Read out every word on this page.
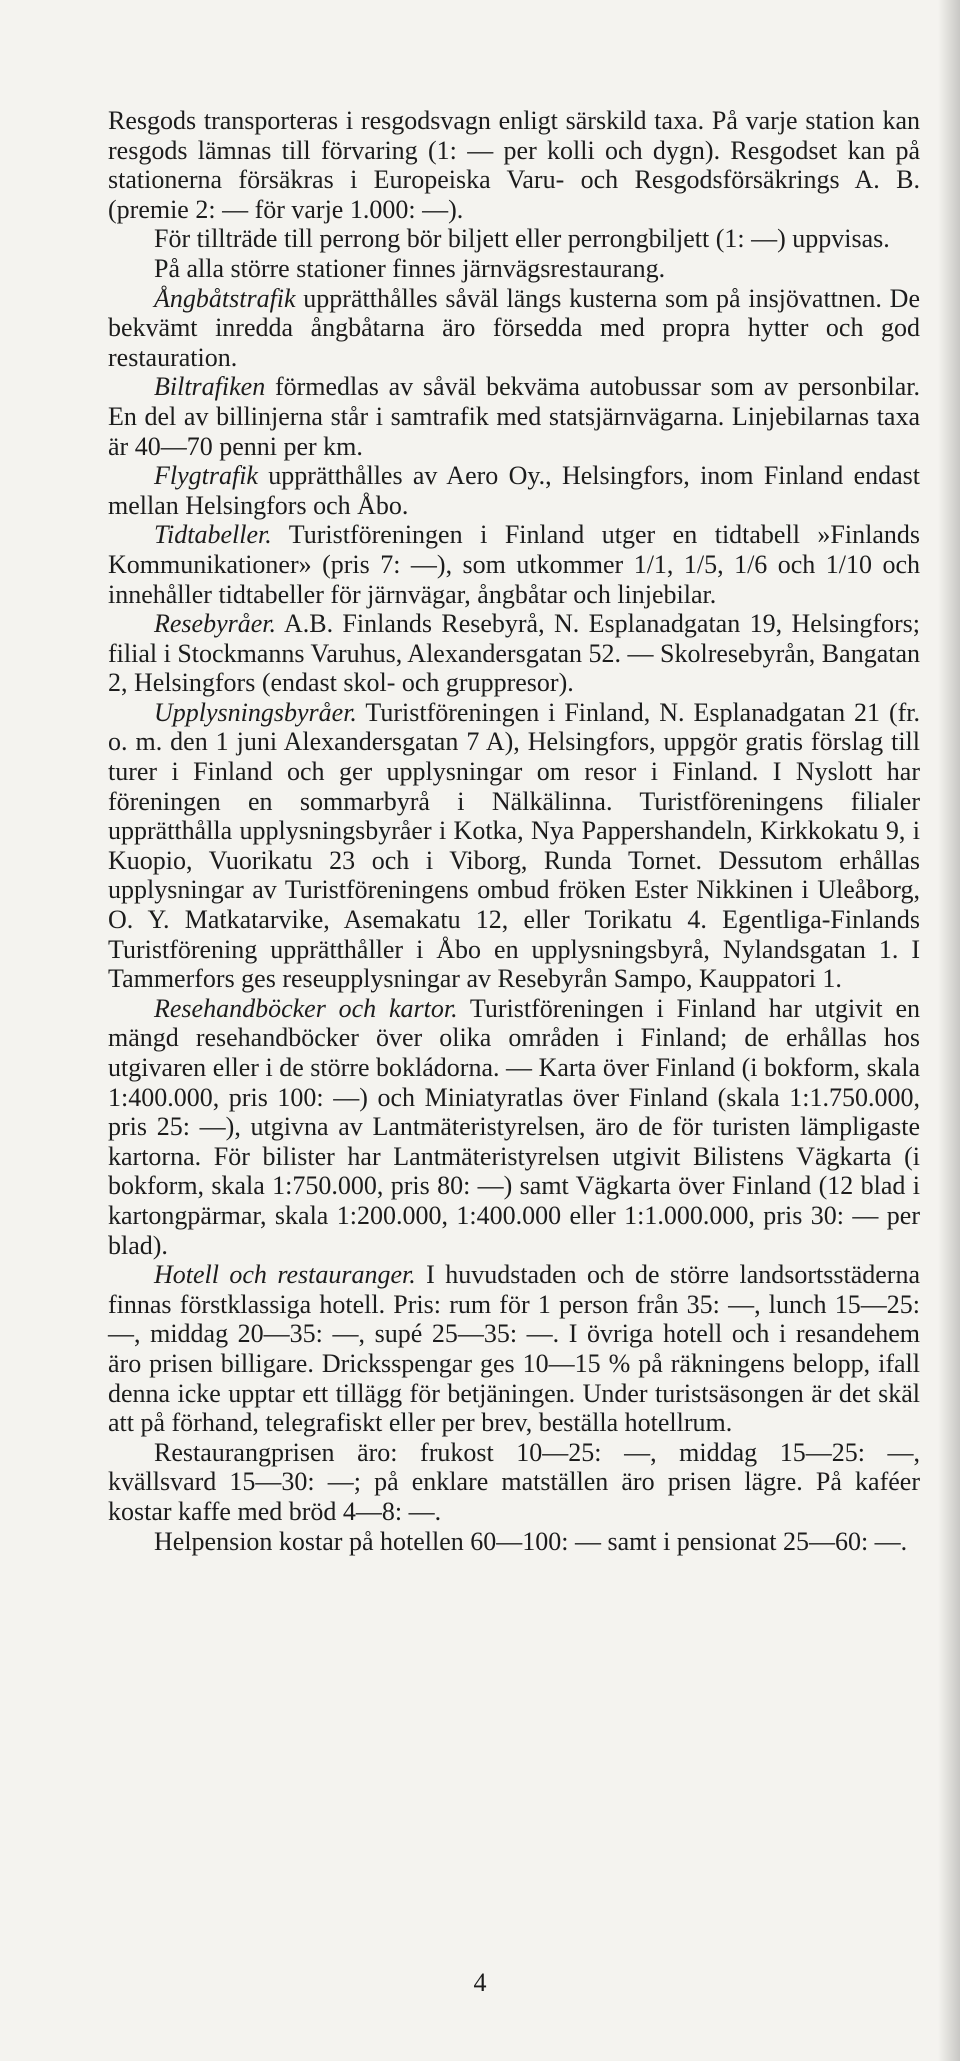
Resgods transporteras i resgodsvagn enligt särskild taxa. På varje station kan resgods lämnas till förvaring (1: — per kolli och dygn). Resgodset kan på stationerna försäkras i Europeiska Varu- och Resgodsförsäkrings A. B. (premie 2: — för varje 1.000: —).

För tillträde till perrong bör biljett eller perrongbiljett (1: —) uppvisas.

På alla större stationer finnes järnvägsrestaurang.

Ångbåtstrafik upprätthålles såväl längs kusterna som på insjövattnen. De bekvämt inredda ångbåtarna äro försedda med propra hytter och god restauration.

Biltrafiken förmedlas av såväl bekväma autobussar som av personbilar. En del av billinjerna står i samtrafik med statsjärnvägarna. Linjebilarnas taxa är 40—70 penni per km.

Flygtrafik upprätthålles av Aero Oy., Helsingfors, inom Finland endast mellan Helsingfors och Åbo.

Tidtabeller. Turistföreningen i Finland utger en tidtabell »Finlands Kommunikationer» (pris 7: —), som utkommer 1/1, 1/5, 1/6 och 1/10 och innehåller tidtabeller för järnvägar, ångbåtar och linjebilar.

Resebyråer. A.B. Finlands Resebyrå, N. Esplanadgatan 19, Helsingfors; filial i Stockmanns Varuhus, Alexandersgatan 52. — Skolresebyrån, Bangatan 2, Helsingfors (endast skol- och gruppresor).

Upplysningsbyråer. Turistföreningen i Finland, N. Esplanadgatan 21 (fr. o. m. den 1 juni Alexandersgatan 7 A), Helsingfors, uppgör gratis förslag till turer i Finland och ger upplysningar om resor i Finland. I Nyslott har föreningen en sommarbyrå i Nälkälinna. Turistföreningens filialer upprätthålla upplysningsbyråer i Kotka, Nya Pappershandeln, Kirkkokatu 9, i Kuopio, Vuorikatu 23 och i Viborg, Runda Tornet. Dessutom erhållas upplysningar av Turistföreningens ombud fröken Ester Nikkinen i Uleåborg, O. Y. Matkatarvike, Asemakatu 12, eller Torikatu 4. Egentliga-Finlands Turistförening upprätthåller i Åbo en upplysningsbyrå, Nylandsgatan 1. I Tammerfors ges reseupplysningar av Resebyrån Sampo, Kauppatori 1.

Resehandböcker och kartor. Turistföreningen i Finland har utgivit en mängd resehandböcker över olika områden i Finland; de erhållas hos utgivaren eller i de större bokládorna. — Karta över Finland (i bokform, skala 1:400.000, pris 100: —) och Miniatyratlas över Finland (skala 1:1.750.000, pris 25: —), utgivna av Lantmäteristyrelsen, äro de för turisten lämpligaste kartorna. För bilister har Lantmäteristyrelsen utgivit Bilistens Vägkarta (i bokform, skala 1:750.000, pris 80: —) samt Vägkarta över Finland (12 blad i kartongpärmar, skala 1:200.000, 1:400.000 eller 1:1.000.000, pris 30: — per blad).

Hotell och restauranger. I huvudstaden och de större landsortsstäderna finnas förstklassiga hotell. Pris: rum för 1 person från 35: —, lunch 15—25: —, middag 20—35: —, supé 25—35: —. I övriga hotell och i resandehem äro prisen billigare. Dricksspengar ges 10—15 % på räkningens belopp, ifall denna icke upptar ett tillägg för betjäningen. Under turistsäsongen är det skäl att på förhand, telegrafiskt eller per brev, beställa hotellrum.

Restaurangprisen äro: frukost 10—25: —, middag 15—25: —, kvällsvard 15—30: —; på enklare matställen äro prisen lägre. På kaféer kostar kaffe med bröd 4—8: —.

Helpension kostar på hotellen 60—100: — samt i pensionat 25—60: —.

4
